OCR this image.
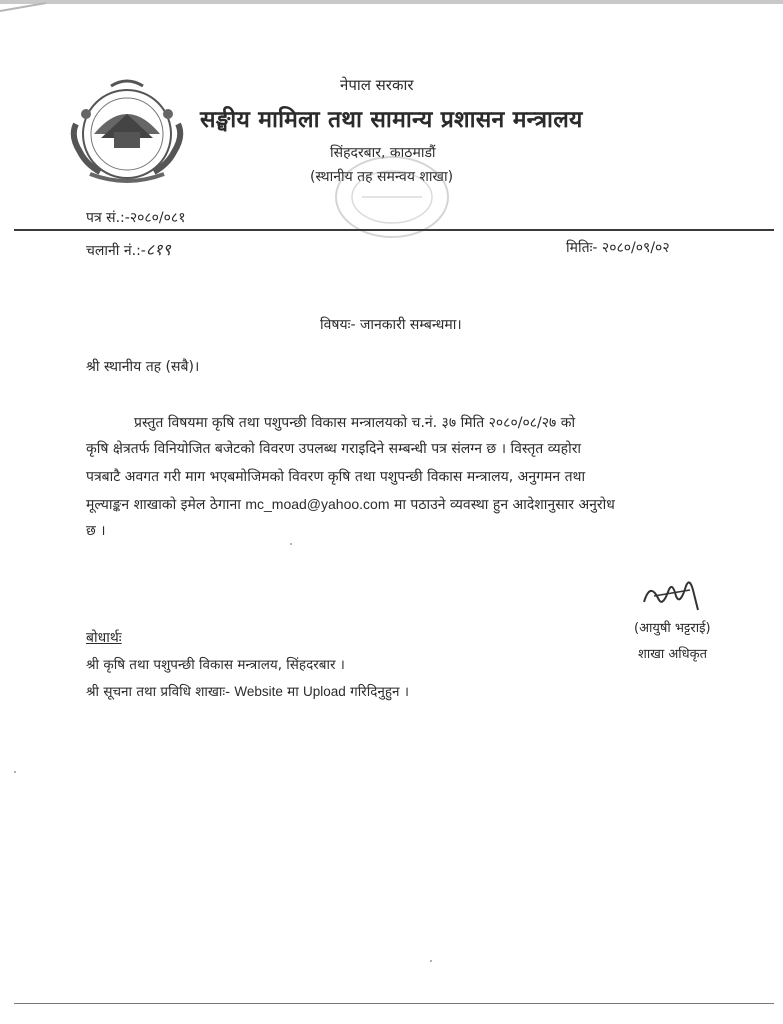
नेपाल सरकार
सङ्घीय मामिला तथा सामान्य प्रशासन मन्त्रालय
सिंहदरबार, काठमाडौं
(स्थानीय तह समन्वय शाखा)
पत्र सं.:-२०८०/०८१
चलानी नं.:-८१९	मितिः- २०८०/०९/०२
विषयः- जानकारी सम्बन्धमा।
श्री स्थानीय तह (सबै)।
प्रस्तुत विषयमा कृषि तथा पशुपन्छी विकास मन्त्रालयको च.नं. ३७ मिति २०८०/०८/२७ को
कृषि क्षेत्रतर्फ विनियोजित बजेटको विवरण उपलब्ध गराइदिने सम्बन्धी पत्र संलग्न छ । विस्तृत व्यहोरा
पत्रबाटै अवगत गरी माग भएबमोजिमको विवरण कृषि तथा पशुपन्छी विकास मन्त्रालय, अनुगमन तथा
मूल्याङ्कन शाखाको इमेल ठेगाना mc_moad@yahoo.com मा पठाउने व्यवस्था हुन आदेशानुसार अनुरोध
छ ।
(आयुषी भट्टराई)
शाखा अधिकृत
बोधार्थः
श्री कृषि तथा पशुपन्छी विकास मन्त्रालय, सिंहदरबार ।
श्री सूचना तथा प्रविधि शाखाः- Website मा Upload गरिदिनुहुन ।
